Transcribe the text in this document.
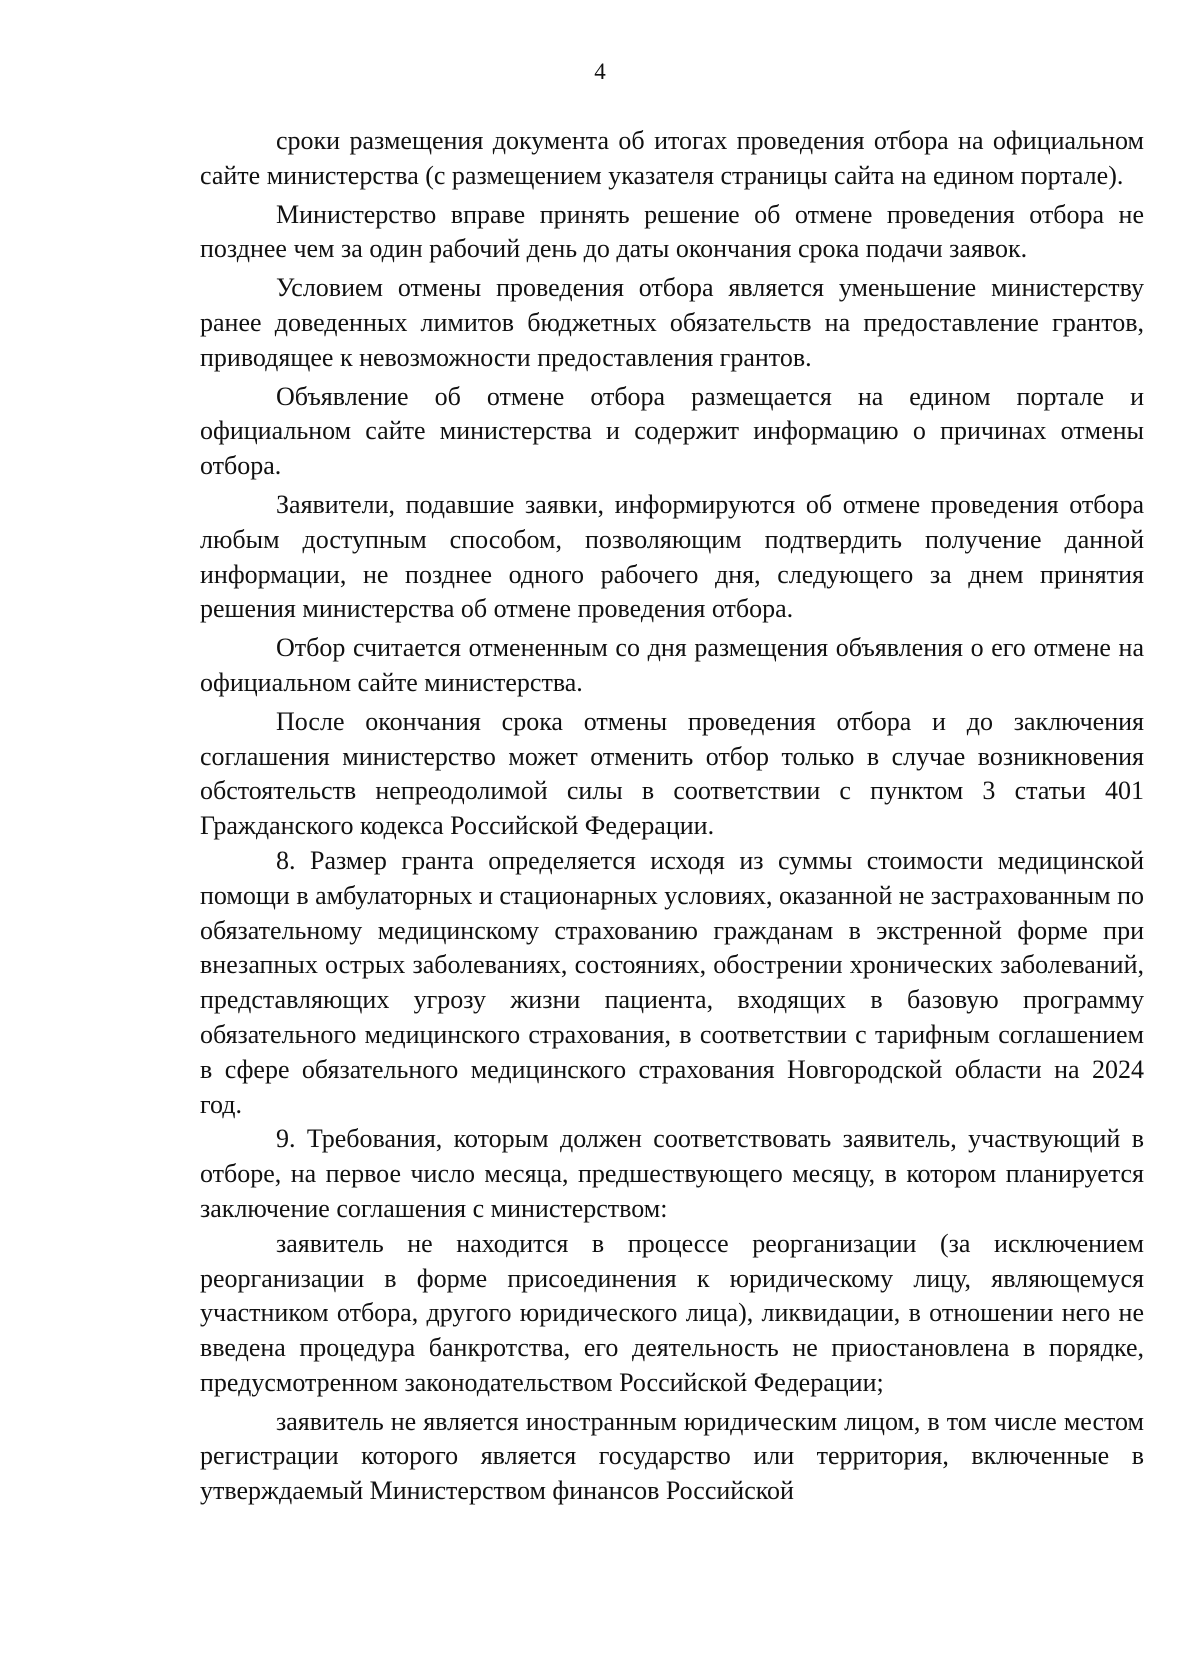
4

сроки размещения документа об итогах проведения отбора на официальном сайте министерства (с размещением указателя страницы сайта на едином портале).

Министерство вправе принять решение об отмене проведения отбора не позднее чем за один рабочий день до даты окончания срока подачи заявок.

Условием отмены проведения отбора является уменьшение министерству ранее доведенных лимитов бюджетных обязательств на предоставление грантов, приводящее к невозможности предоставления грантов.

Объявление об отмене отбора размещается на едином портале и официальном сайте министерства и содержит информацию о причинах отмены отбора.

Заявители, подавшие заявки, информируются об отмене проведения отбора любым доступным способом, позволяющим подтвердить получение данной информации, не позднее одного рабочего дня, следующего за днем принятия решения министерства об отмене проведения отбора.

Отбор считается отмененным со дня размещения объявления о его отмене на официальном сайте министерства.

После окончания срока отмены проведения отбора и до заключения соглашения министерство может отменить отбор только в случае возникновения обстоятельств непреодолимой силы в соответствии с пунктом 3 статьи 401 Гражданского кодекса Российской Федерации.

8. Размер гранта определяется исходя из суммы стоимости медицинской помощи в амбулаторных и стационарных условиях, оказанной не застрахованным по обязательному медицинскому страхованию гражданам в экстренной форме при внезапных острых заболеваниях, состояниях, обострении хронических заболеваний, представляющих угрозу жизни пациента, входящих в базовую программу обязательного медицинского страхования, в соответствии с тарифным соглашением в сфере обязательного медицинского страхования Новгородской области на 2024 год.

9. Требования, которым должен соответствовать заявитель, участвующий в отборе, на первое число месяца, предшествующего месяцу, в котором планируется заключение соглашения с министерством:

заявитель не находится в процессе реорганизации (за исключением реорганизации в форме присоединения к юридическому лицу, являющемуся участником отбора, другого юридического лица), ликвидации, в отношении него не введена процедура банкротства, его деятельность не приостановлена в порядке, предусмотренном законодательством Российской Федерации;

заявитель не является иностранным юридическим лицом, в том числе местом регистрации которого является государство или территория, включенные в утверждаемый Министерством финансов Российской
